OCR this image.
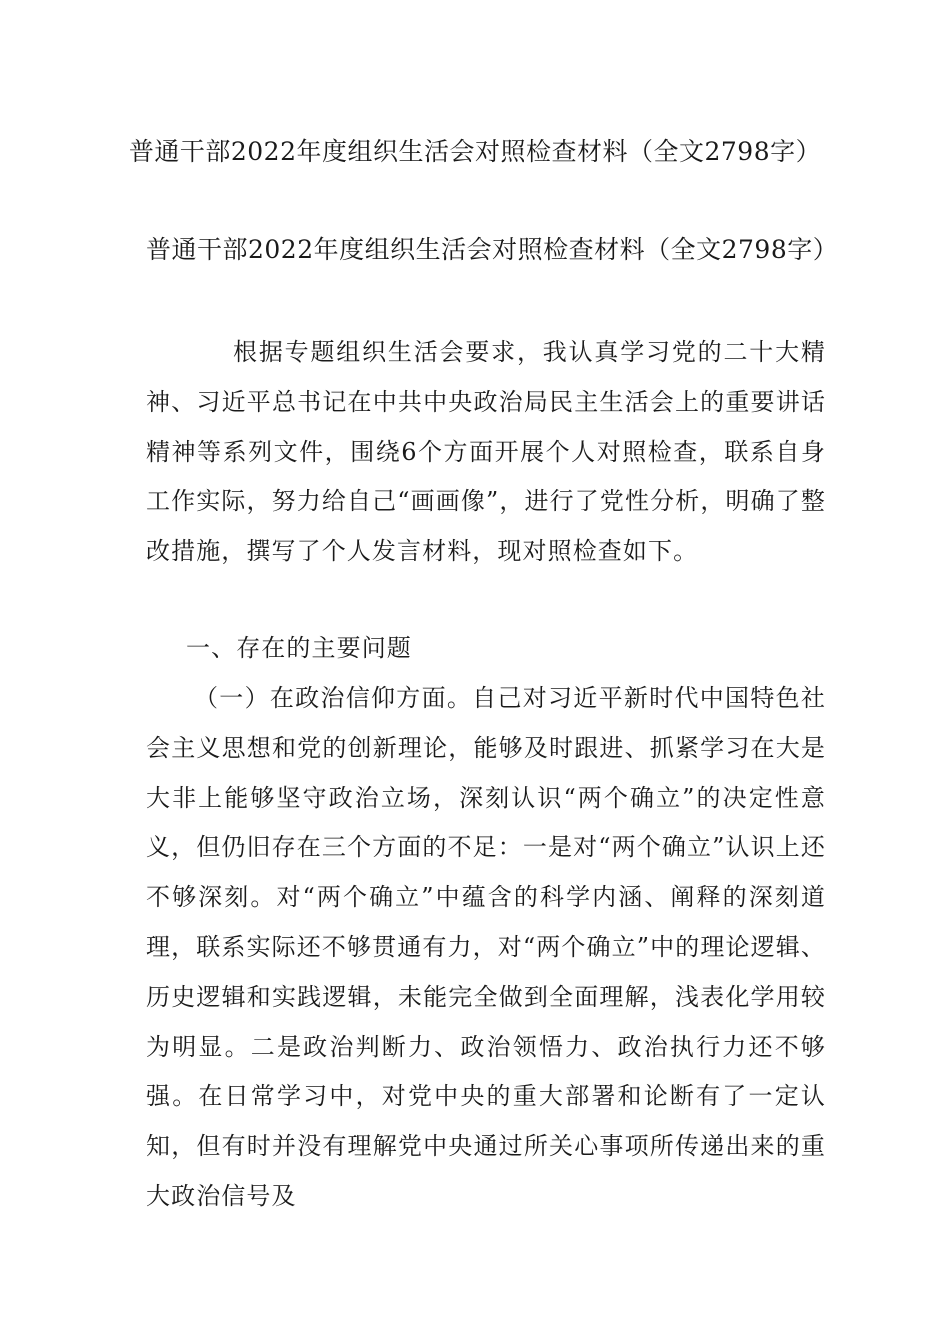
普通干部2022年度组织生活会对照检查材料（全文2798字）
普通干部2022年度组织生活会对照检查材料（全文2798字）

根据专题组织生活会要求，我认真学习党的二十大精神、习近平总书记在中共中央政治局民主生活会上的重要讲话精神等系列文件，围绕6个方面开展个人对照检查，联系自身工作实际，努力给自己“画画像”，进行了党性分析，明确了整改措施，撰写了个人发言材料，现对照检查如下。

一、存在的主要问题

（一）在政治信仰方面。自己对习近平新时代中国特色社会主义思想和党的创新理论，能够及时跟进、抓紧学习在大是大非上能够坚守政治立场，深刻认识“两个确立”的决定性意义，但仍旧存在三个方面的不足：一是对“两个确立”认识上还不够深刻。对“两个确立”中蕴含的科学内涵、阐释的深刻道理，联系实际还不够贯通有力，对“两个确立”中的理论逻辑、历史逻辑和实践逻辑，未能完全做到全面理解，浅表化学用较为明显。二是政治判断力、政治领悟力、政治执行力还不够强。在日常学习中，对党中央的重大部署和论断有了一定认知，但有时并没有理解党中央通过所关心事项所传递出来的重大政治信号及
